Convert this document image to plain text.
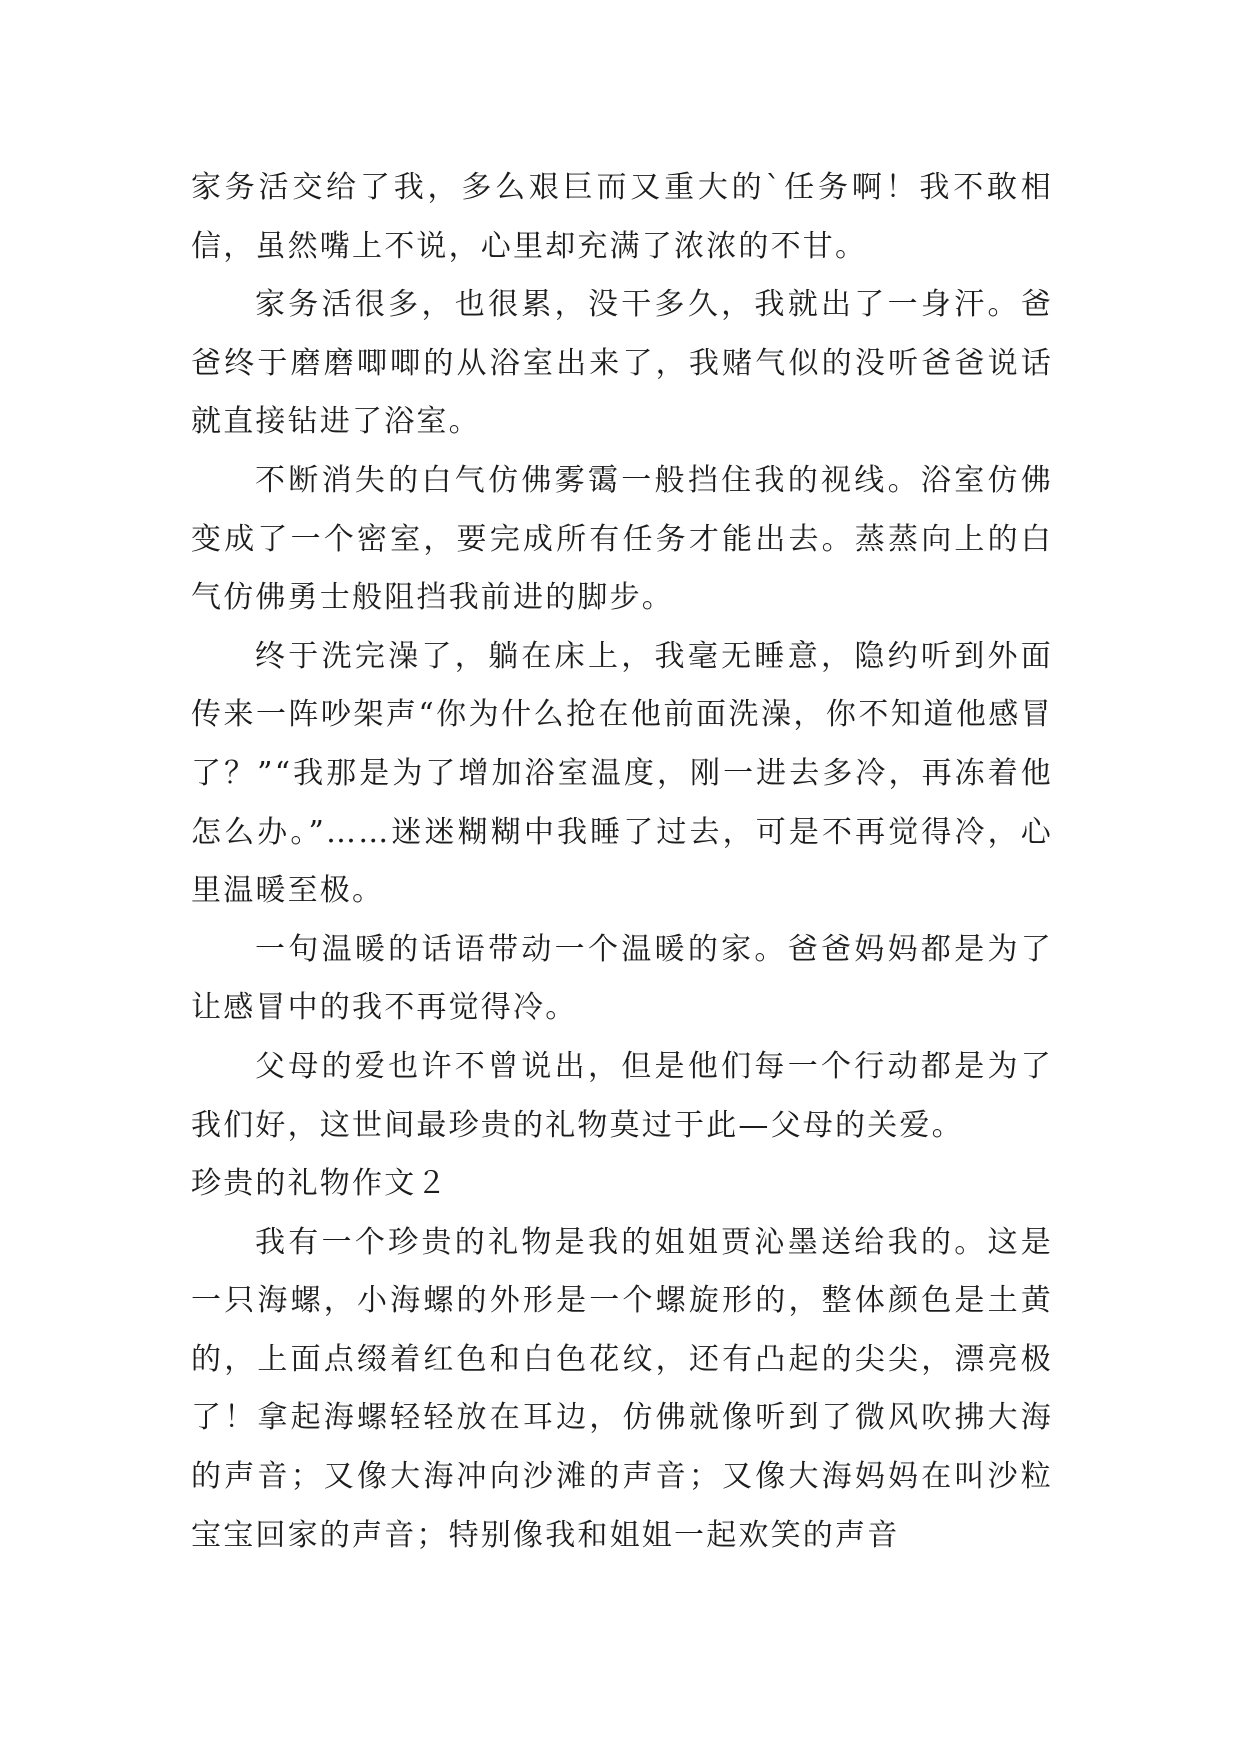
家务活交给了我，多么艰巨而又重大的`任务啊！我不敢相信，虽然嘴上不说，心里却充满了浓浓的不甘。

家务活很多，也很累，没干多久，我就出了一身汗。爸爸终于磨磨唧唧的从浴室出来了，我赌气似的没听爸爸说话就直接钻进了浴室。

不断消失的白气仿佛雾霭一般挡住我的视线。浴室仿佛变成了一个密室，要完成所有任务才能出去。蒸蒸向上的白气仿佛勇士般阻挡我前进的脚步。

终于洗完澡了，躺在床上，我毫无睡意，隐约听到外面传来一阵吵架声“你为什么抢在他前面洗澡，你不知道他感冒了？”“我那是为了增加浴室温度，刚一进去多冷，再冻着他怎么办。”……迷迷糊糊中我睡了过去，可是不再觉得冷，心里温暖至极。

一句温暖的话语带动一个温暖的家。爸爸妈妈都是为了让感冒中的我不再觉得冷。

父母的爱也许不曾说出，但是他们每一个行动都是为了我们好，这世间最珍贵的礼物莫过于此—父母的关爱。

珍贵的礼物作文２

我有一个珍贵的礼物是我的姐姐贾沁墨送给我的。这是一只海螺，小海螺的外形是一个螺旋形的，整体颜色是土黄的，上面点缀着红色和白色花纹，还有凸起的尖尖，漂亮极了！拿起海螺轻轻放在耳边，仿佛就像听到了微风吹拂大海的声音；又像大海冲向沙滩的声音；又像大海妈妈在叫沙粒宝宝回家的声音；特别像我和姐姐一起欢笑的声音
